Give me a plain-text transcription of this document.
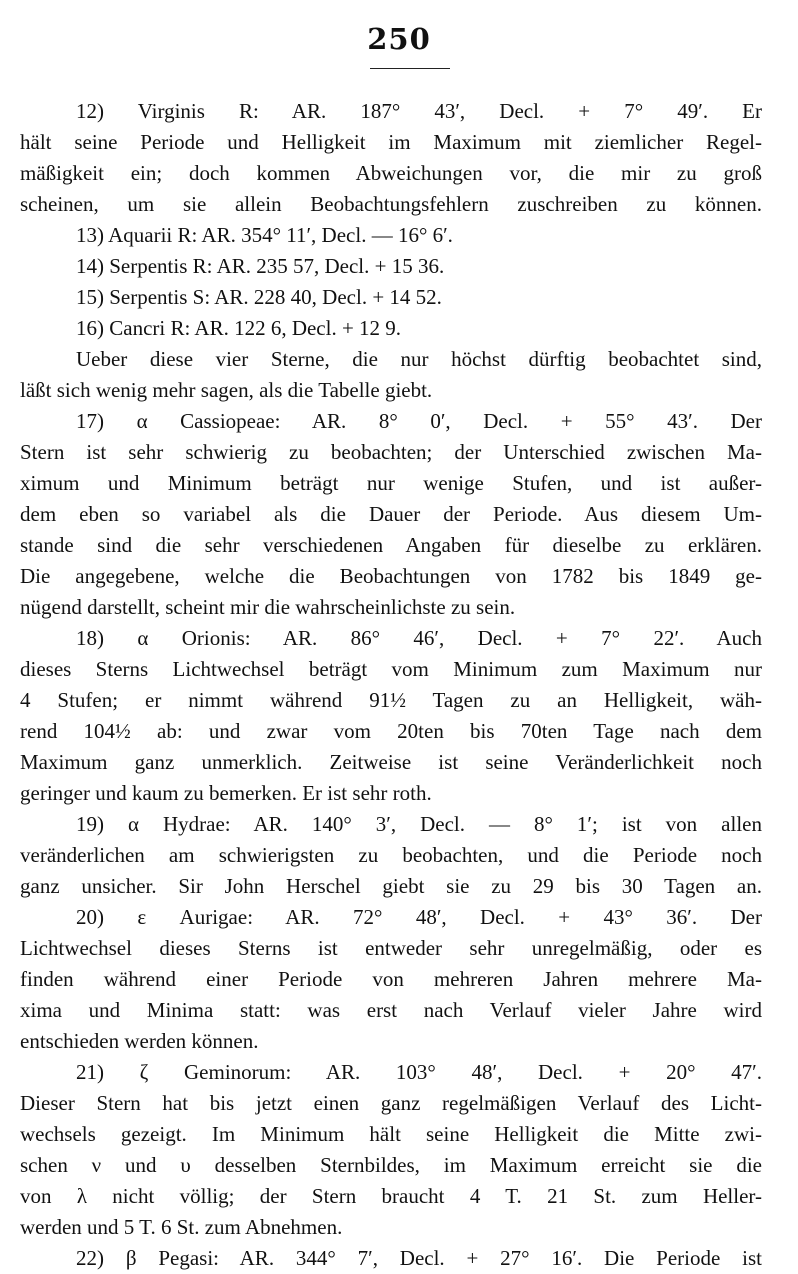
250
12) Virginis R: AR. 187° 43′, Decl. + 7° 49′. Er
hält seine Periode und Helligkeit im Maximum mit ziemlicher Regel-
mäßigkeit ein; doch kommen Abweichungen vor, die mir zu groß
scheinen, um sie allein Beobachtungsfehlern zuschreiben zu können.
13) Aquarii R: AR. 354° 11′, Decl. — 16° 6′.
14) Serpentis R: AR. 235 57, Decl. + 15 36.
15) Serpentis S: AR. 228 40, Decl. + 14 52.
16) Cancri R: AR. 122 6, Decl. + 12 9.
Ueber diese vier Sterne, die nur höchst dürftig beobachtet sind,
läßt sich wenig mehr sagen, als die Tabelle giebt.
17) α Cassiopeae: AR. 8° 0′, Decl. + 55° 43′. Der
Stern ist sehr schwierig zu beobachten; der Unterschied zwischen Ma-
ximum und Minimum beträgt nur wenige Stufen, und ist außer-
dem eben so variabel als die Dauer der Periode. Aus diesem Um-
stande sind die sehr verschiedenen Angaben für dieselbe zu erklären.
Die angegebene, welche die Beobachtungen von 1782 bis 1849 ge-
nügend darstellt, scheint mir die wahrscheinlichste zu sein.
18) α Orionis: AR. 86° 46′, Decl. + 7° 22′. Auch
dieses Sterns Lichtwechsel beträgt vom Minimum zum Maximum nur
4 Stufen; er nimmt während 91½ Tagen zu an Helligkeit, wäh-
rend 104½ ab: und zwar vom 20ten bis 70ten Tage nach dem
Maximum ganz unmerklich. Zeitweise ist seine Veränderlichkeit noch
geringer und kaum zu bemerken. Er ist sehr roth.
19) α Hydrae: AR. 140° 3′, Decl. — 8° 1′; ist von allen
veränderlichen am schwierigsten zu beobachten, und die Periode noch
ganz unsicher. Sir John Herschel giebt sie zu 29 bis 30 Tagen an.
20) ε Aurigae: AR. 72° 48′, Decl. + 43° 36′. Der
Lichtwechsel dieses Sterns ist entweder sehr unregelmäßig, oder es
finden während einer Periode von mehreren Jahren mehrere Ma-
xima und Minima statt: was erst nach Verlauf vieler Jahre wird
entschieden werden können.
21) ζ Geminorum: AR. 103° 48′, Decl. + 20° 47′.
Dieser Stern hat bis jetzt einen ganz regelmäßigen Verlauf des Licht-
wechsels gezeigt. Im Minimum hält seine Helligkeit die Mitte zwi-
schen ν und υ desselben Sternbildes, im Maximum erreicht sie die
von λ nicht völlig; der Stern braucht 4 T. 21 St. zum Heller-
werden und 5 T. 6 St. zum Abnehmen.
22) β Pegasi: AR. 344° 7′, Decl. + 27° 16′. Die Periode ist
